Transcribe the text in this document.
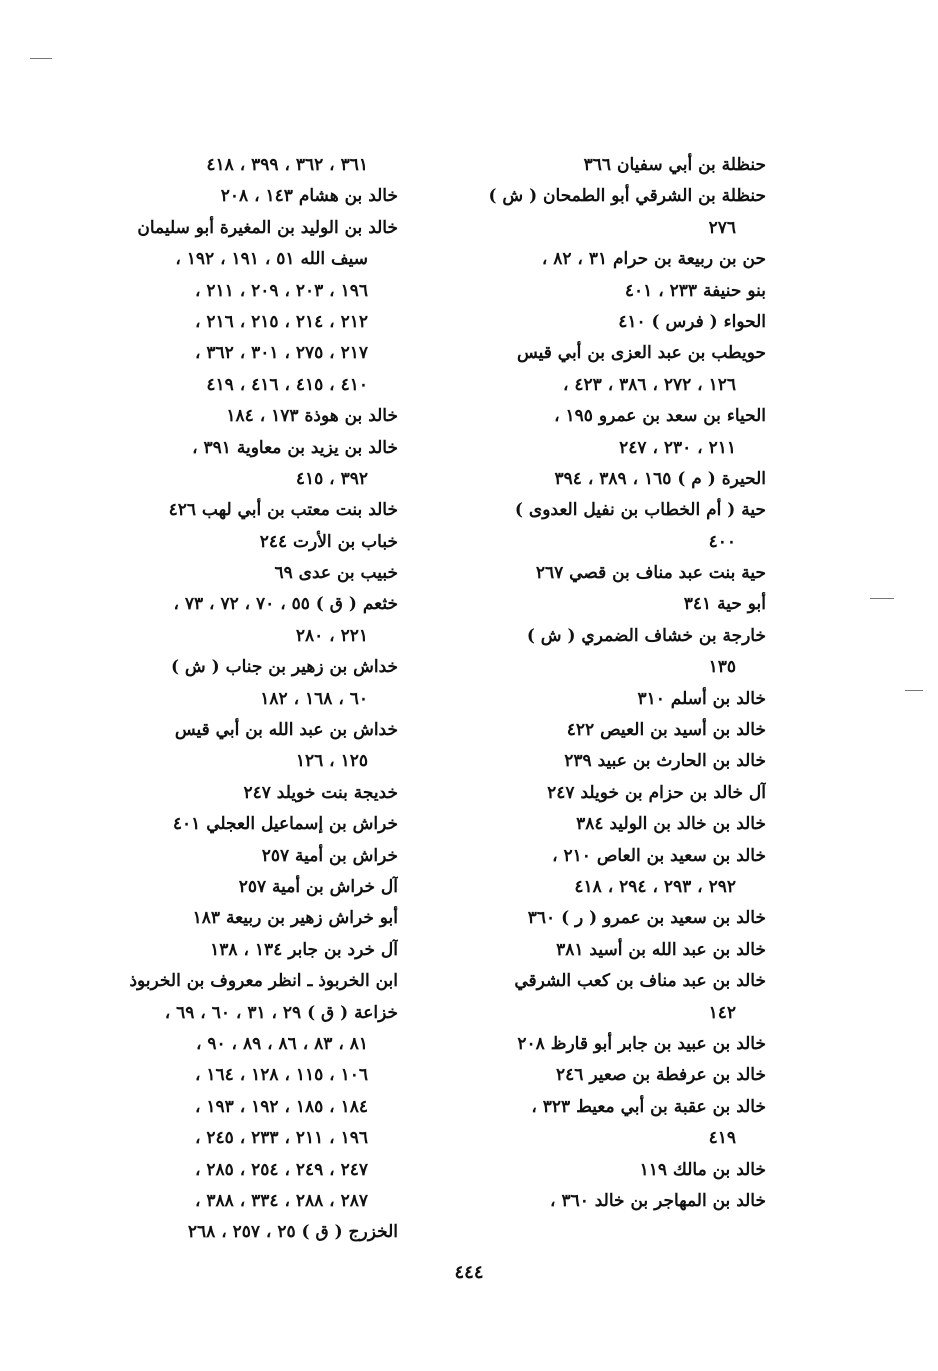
حنظلة بن أبي سفيان ٣٦٦
حنظلة بن الشرقي أبو الطمحان ( ش )
٢٧٦
حن بن ربيعة بن حرام ٣١ ، ٨٢ ،
بنو حنيفة ٢٣٣ ، ٤٠١
الحواء ( فرس ) ٤١٠
حويطب بن عبد العزى بن أبي قيس
١٢٦ ، ٢٧٢ ، ٣٨٦ ، ٤٢٣ ،
الحياء بن سعد بن عمرو ١٩٥ ،
٢١١ ، ٢٣٠ ، ٢٤٧
الحيرة ( م ) ١٦٥ ، ٣٨٩ ، ٣٩٤
حية ( أم الخطاب بن نفيل العدوى )
٤٠٠
حية بنت عبد مناف بن قصي ٢٦٧
أبو حية ٣٤١
خارجة بن خشاف الضمري ( ش )
١٣٥
خالد بن أسلم ٣١٠
خالد بن أسيد بن العيص ٤٢٢
خالد بن الحارث بن عبيد ٢٣٩
آل خالد بن حزام بن خويلد ٢٤٧
خالد بن خالد بن الوليد ٣٨٤
خالد بن سعيد بن العاص ٢١٠ ،
٢٩٢ ، ٢٩٣ ، ٢٩٤ ، ٤١٨
خالد بن سعيد بن عمرو ( ر ) ٣٦٠
خالد بن عبد الله بن أسيد ٣٨١
خالد بن عبد مناف بن كعب الشرقي
١٤٢
خالد بن عبيد بن جابر أبو قارظ ٢٠٨
خالد بن عرفطة بن صعير ٢٤٦
خالد بن عقبة بن أبي معيط ٣٢٣ ،
٤١٩
خالد بن مالك ١١٩
خالد بن المهاجر بن خالد ٣٦٠ ،
٣٦١ ، ٣٦٢ ، ٣٩٩ ، ٤١٨
خالد بن هشام ١٤٣ ، ٢٠٨
خالد بن الوليد بن المغيرة أبو سليمان
سيف الله ٥١ ، ١٩١ ، ١٩٢ ،
١٩٦ ، ٢٠٣ ، ٢٠٩ ، ٢١١ ،
٢١٢ ، ٢١٤ ، ٢١٥ ، ٢١٦ ،
٢١٧ ، ٢٧٥ ، ٣٠١ ، ٣٦٢ ،
٤١٠ ، ٤١٥ ، ٤١٦ ، ٤١٩
خالد بن هوذة ١٧٣ ، ١٨٤
خالد بن يزيد بن معاوية ٣٩١ ،
٣٩٢ ، ٤١٥
خالد بنت معتب بن أبي لهب ٤٢٦
خباب بن الأرت ٢٤٤
خبيب بن عدى ٦٩
خثعم ( ق ) ٥٥ ، ٧٠ ، ٧٢ ، ٧٣ ،
٢٢١ ، ٢٨٠
خداش بن زهير بن جناب ( ش )
٦٠ ، ١٦٨ ، ١٨٢
خداش بن عبد الله بن أبي قيس
١٢٥ ، ١٢٦
خديجة بنت خويلد ٢٤٧
خراش بن إسماعيل العجلي ٤٠١
خراش بن أمية ٢٥٧
آل خراش بن أمية ٢٥٧
أبو خراش زهير بن ربيعة ١٨٣
آل خرد بن جابر ١٣٤ ، ١٣٨
ابن الخربوذ ـ انظر معروف بن الخربوذ
خزاعة ( ق ) ٢٩ ، ٣١ ، ٦٠ ، ٦٩ ،
٨١ ، ٨٣ ، ٨٦ ، ٨٩ ، ٩٠ ،
١٠٦ ، ١١٥ ، ١٢٨ ، ١٦٤ ،
١٨٤ ، ١٨٥ ، ١٩٢ ، ١٩٣ ،
١٩٦ ، ٢١١ ، ٢٣٣ ، ٢٤٥ ،
٢٤٧ ، ٢٤٩ ، ٢٥٤ ، ٢٨٥ ،
٢٨٧ ، ٢٨٨ ، ٣٣٤ ، ٣٨٨ ،
الخزرج ( ق ) ٢٥ ، ٢٥٧ ، ٢٦٨
٤٤٤
